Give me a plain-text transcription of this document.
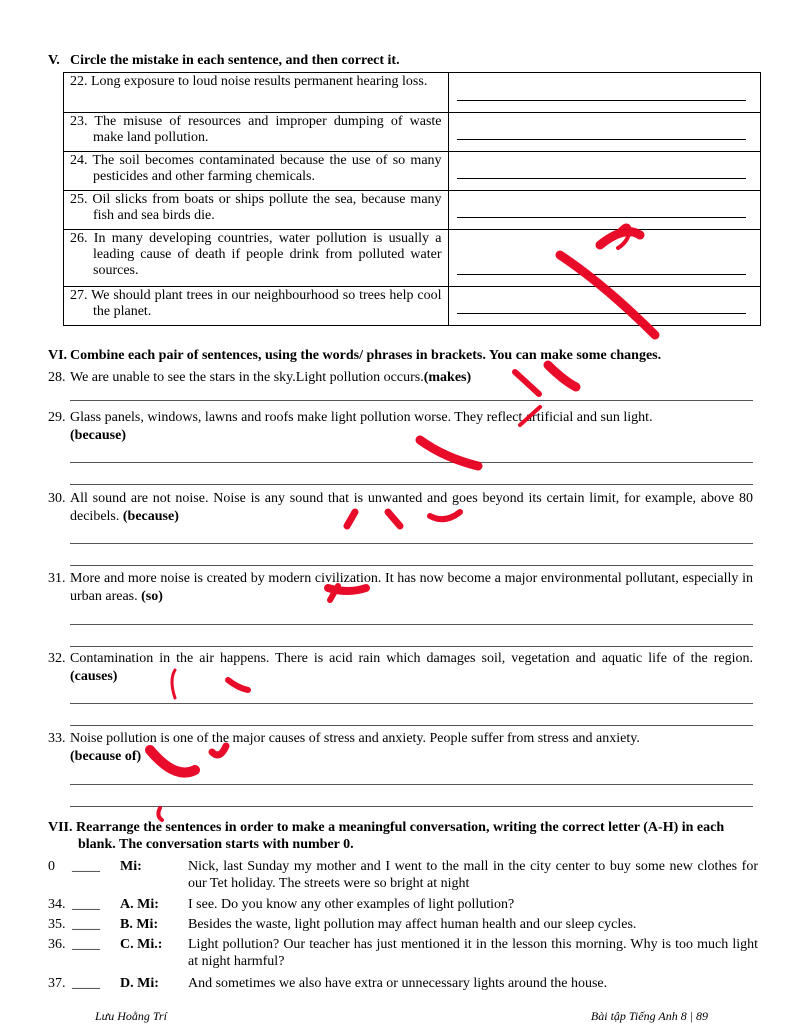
V. Circle the mistake in each sentence, and then correct it.
22. Long exposure to loud noise results permanent hearing loss.	

23. The misuse of resources and improper dumping of waste make land pollution.	

24. The soil becomes contaminated because the use of so many pesticides and other farming chemicals.	

25. Oil slicks from boats or ships pollute the sea, because many fish and sea birds die.	

26. In many developing countries, water pollution is usually a leading cause of death if people drink from polluted water sources.	

27. We should plant trees in our neighbourhood so trees help cool the planet.	

VI. Combine each pair of sentences, using the words/ phrases in brackets. You can make some changes.
28. We are unable to see the stars in the sky.Light pollution occurs.(makes)
29. Glass panels, windows, lawns and roofs make light pollution worse. They reflect artificial and sun light.
(because)
30. All sound are not noise. Noise is any sound that is unwanted and goes beyond its certain limit, for example, above 80 decibels. (because)
31. More and more noise is created by modern civilization. It has now become a major environmental pollutant, especially in urban areas. (so)
32. Contamination in the air happens. There is acid rain which damages soil, vegetation and aquatic life of the region. (causes)
33. Noise pollution is one of the major causes of stress and anxiety. People suffer from stress and anxiety.
(because of)
VII. Rearrange the sentences in order to make a meaningful conversation, writing the correct letter (A-H) in each blank. The conversation starts with number 0.
0	____ Mi:	Nick, last Sunday my mother and I went to the mall in the city center to buy some new clothes for our Tet holiday. The streets were so bright at night
34. ____ A. Mi: I see. Do you know any other examples of light pollution?
35. ____ B. Mi: Besides the waste, light pollution may affect human health and our sleep cycles.
36. ____ C. Mi.: Light pollution? Our teacher has just mentioned it in the lesson this morning. Why is too much light at night harmful?
37. ____ D. Mi: And sometimes we also have extra or unnecessary lights around the house.
Lưu Hoằng Trí	Bài tập Tiếng Anh 8 | 89
